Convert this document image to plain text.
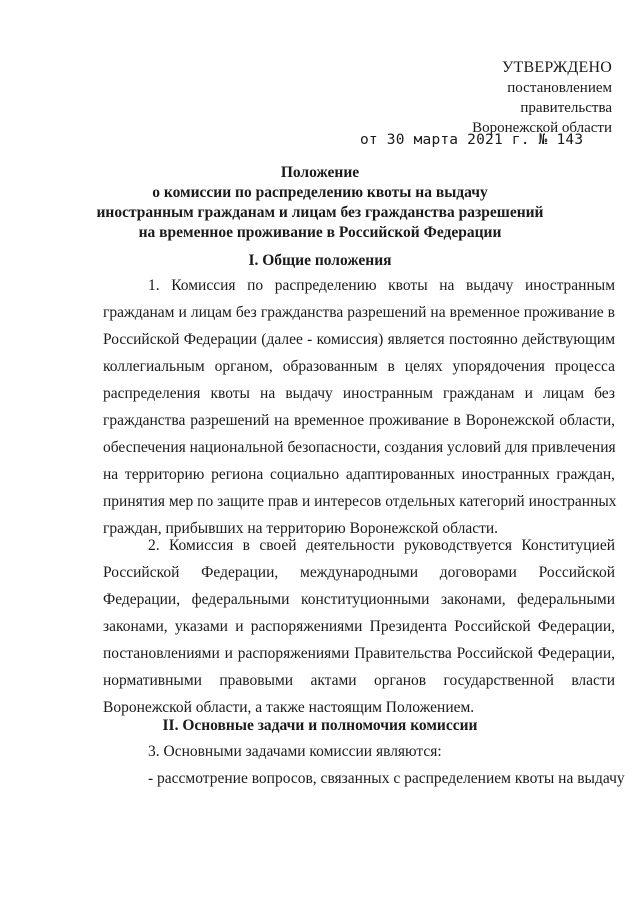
УТВЕРЖДЕНО
постановлением
правительства
Воронежской области
от 30 марта 2021 г. № 143
Положение
о комиссии по распределению квоты на выдачу
иностранным гражданам и лицам без гражданства разрешений
на временное проживание в Российской Федерации
I. Общие положения
1. Комиссия по распределению квоты на выдачу иностранным
гражданам и лицам без гражданства разрешений на временное проживание в
Российской Федерации (далее - комиссия) является постоянно действующим
коллегиальным органом, образованным в целях упорядочения процесса
распределения квоты на выдачу иностранным гражданам и лицам без
гражданства разрешений на временное проживание в Воронежской области,
обеспечения национальной безопасности, создания условий для привлечения
на территорию региона социально адаптированных иностранных граждан,
принятия мер по защите прав и интересов отдельных категорий иностранных
граждан, прибывших на территорию Воронежской области.
2. Комиссия в своей деятельности руководствуется Конституцией
Российской Федерации, международными договорами Российской
Федерации, федеральными конституционными законами, федеральными
законами, указами и распоряжениями Президента Российской Федерации,
постановлениями и распоряжениями Правительства Российской Федерации,
нормативными правовыми актами органов государственной власти
Воронежской области, а также настоящим Положением.
II. Основные задачи и полномочия комиссии
3. Основными задачами комиссии являются:
- рассмотрение вопросов, связанных с распределением квоты на выдачу
